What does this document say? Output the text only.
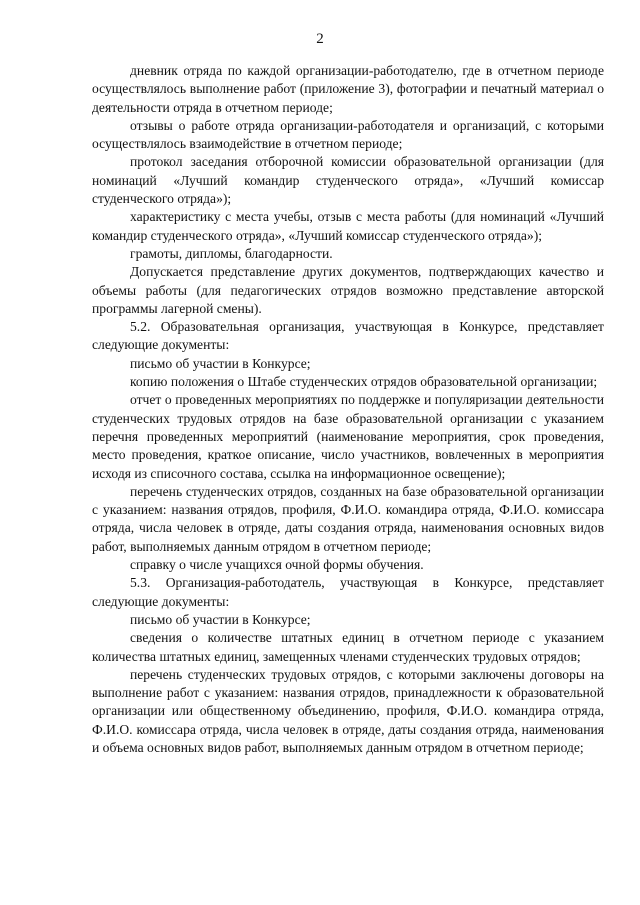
2

дневник отряда по каждой организации-работодателю, где в отчетном периоде осуществлялось выполнение работ (приложение 3), фотографии и печатный материал о деятельности отряда в отчетном периоде;

отзывы о работе отряда организации-работодателя и организаций, с которыми осуществлялось взаимодействие в отчетном периоде;

протокол заседания отборочной комиссии образовательной организации (для номинаций «Лучший командир студенческого отряда», «Лучший комиссар студенческого отряда»);

характеристику с места учебы, отзыв с места работы (для номинаций «Лучший командир студенческого отряда», «Лучший комиссар студенческого отряда»);

грамоты, дипломы, благодарности.

Допускается представление других документов, подтверждающих качество и объемы работы (для педагогических отрядов возможно представление авторской программы лагерной смены).

5.2. Образовательная организация, участвующая в Конкурсе, представляет следующие документы:

письмо об участии в Конкурсе;

копию положения о Штабе студенческих отрядов образовательной организации;

отчет о проведенных мероприятиях по поддержке и популяризации деятельности студенческих трудовых отрядов на базе образовательной организации с указанием перечня проведенных мероприятий (наименование мероприятия, срок проведения, место проведения, краткое описание, число участников, вовлеченных в мероприятия исходя из списочного состава, ссылка на информационное освещение);

перечень студенческих отрядов, созданных на базе образовательной организации с указанием: названия отрядов, профиля, Ф.И.О. командира отряда, Ф.И.О. комиссара отряда, числа человек в отряде, даты создания отряда, наименования основных видов работ, выполняемых данным отрядом в отчетном периоде;

справку о числе учащихся очной формы обучения.

5.3. Организация-работодатель, участвующая в Конкурсе, представляет следующие документы:

письмо об участии в Конкурсе;

сведения о количестве штатных единиц в отчетном периоде с указанием количества штатных единиц, замещенных членами студенческих трудовых отрядов;

перечень студенческих трудовых отрядов, с которыми заключены договоры на выполнение работ с указанием: названия отрядов, принадлежности к образовательной организации или общественному объединению, профиля, Ф.И.О. командира отряда, Ф.И.О. комиссара отряда, числа человек в отряде, даты создания отряда, наименования и объема основных видов работ, выполняемых данным отрядом в отчетном периоде;
